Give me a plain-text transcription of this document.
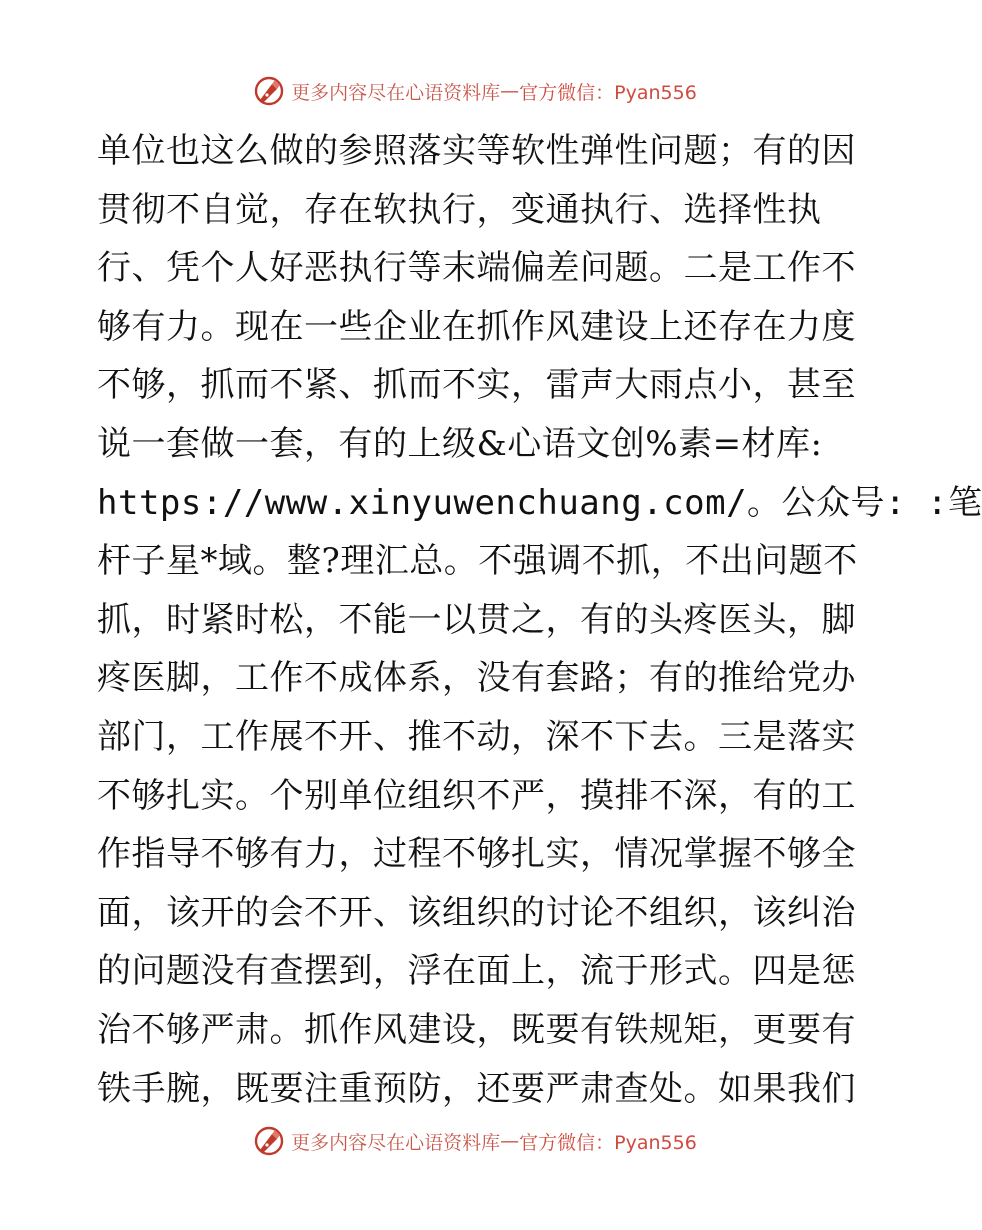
更多内容尽在心语资料库 — 官方微信：Pyan556
单位也这么做的参照落实等软性弹性问题；有的因
贯彻不自觉，存在软执行，变通执行、选择性执
行、凭个人好恶执行等末端偏差问题。二是工作不
够有力。现在一些企业在抓作风建设上还存在力度
不够，抓而不紧、抓而不实，雷声大雨点小，甚至
说一套做一套，有的上级&心语文创%素=材库:
https://www.xinyuwenchuang.com/。公众号: :笔
杆子星*域。整?理汇总。不强调不抓，不出问题不
抓，时紧时松，不能一以贯之，有的头疼医头，脚
疼医脚，工作不成体系，没有套路；有的推给党办
部门，工作展不开、推不动，深不下去。三是落实
不够扎实。个别单位组织不严，摸排不深，有的工
作指导不够有力，过程不够扎实，情况掌握不够全
面，该开的会不开、该组织的讨论不组织，该纠治
的问题没有查摆到，浮在面上，流于形式。四是惩
治不够严肃。抓作风建设，既要有铁规矩，更要有
铁手腕，既要注重预防，还要严肃查处。如果我们
更多内容尽在心语资料库 — 官方微信：Pyan556
